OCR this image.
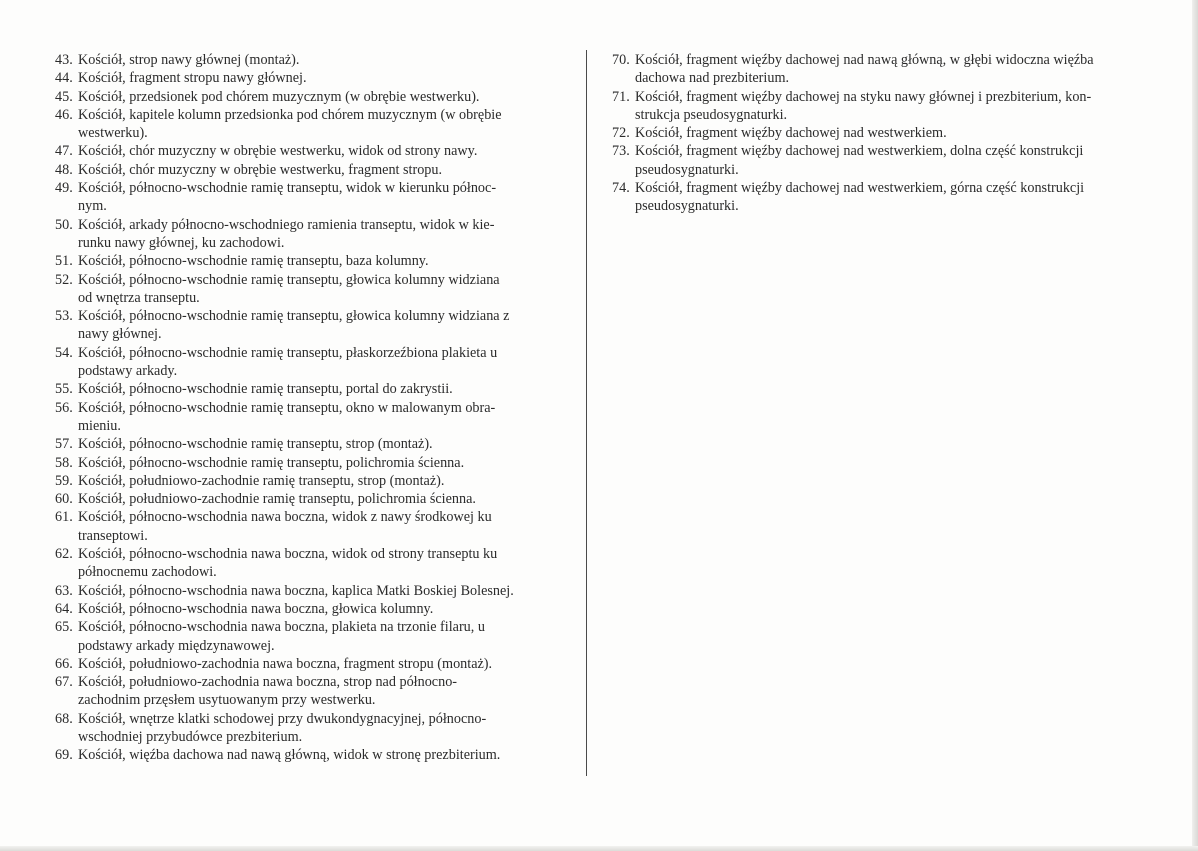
43. Kościół, strop nawy głównej (montaż).
44. Kościół, fragment stropu nawy głównej.
45. Kościół, przedsionek pod chórem muzycznym (w obrębie westwerku).
46. Kościół, kapitele kolumn przedsionka pod chórem muzycznym (w obrębie
westwerku).
47. Kościół, chór muzyczny w obrębie westwerku, widok od strony nawy.
48. Kościół, chór muzyczny w obrębie westwerku, fragment stropu.
49. Kościół, północno-wschodnie ramię transeptu, widok w kierunku północ-
nym.
50. Kościół, arkady północno-wschodniego ramienia transeptu, widok w kie-
runku nawy głównej, ku zachodowi.
51. Kościół, północno-wschodnie ramię transeptu, baza kolumny.
52. Kościół, północno-wschodnie ramię transeptu, głowica kolumny widziana
od wnętrza transeptu.
53. Kościół, północno-wschodnie ramię transeptu, głowica kolumny widziana z
nawy głównej.
54. Kościół, północno-wschodnie ramię transeptu, płaskorzeźbiona plakieta u
podstawy arkady.
55. Kościół, północno-wschodnie ramię transeptu, portal do zakrystii.
56. Kościół, północno-wschodnie ramię transeptu, okno w malowanym obra-
mieniu.
57. Kościół, północno-wschodnie ramię transeptu, strop (montaż).
58. Kościół, północno-wschodnie ramię transeptu, polichromia ścienna.
59. Kościół, południowo-zachodnie ramię transeptu, strop (montaż).
60. Kościół, południowo-zachodnie ramię transeptu, polichromia ścienna.
61. Kościół, północno-wschodnia nawa boczna, widok z nawy środkowej ku
transeptowi.
62. Kościół, północno-wschodnia nawa boczna, widok od strony transeptu ku
północnemu zachodowi.
63. Kościół, północno-wschodnia nawa boczna, kaplica Matki Boskiej Bolesnej.
64. Kościół, północno-wschodnia nawa boczna, głowica kolumny.
65. Kościół, północno-wschodnia nawa boczna, plakieta na trzonie filaru, u
podstawy arkady międzynawowej.
66. Kościół, południowo-zachodnia nawa boczna, fragment stropu (montaż).
67. Kościół, południowo-zachodnia nawa boczna, strop nad północno-
zachodnim przęsłem usytuowanym przy westwerku.
68. Kościół, wnętrze klatki schodowej przy dwukondygnacyjnej, północno-
wschodniej przybudówce prezbiterium.
69. Kościół, więźba dachowa nad nawą główną, widok w stronę prezbiterium.
70. Kościół, fragment więźby dachowej nad nawą główną, w głębi widoczna więźba
dachowa nad prezbiterium.
71. Kościół, fragment więźby dachowej na styku nawy głównej i prezbiterium, kon-
strukcja pseudosygnaturki.
72. Kościół, fragment więźby dachowej nad westwerkiem.
73. Kościół, fragment więźby dachowej nad westwerkiem, dolna część konstrukcji
pseudosygnaturki.
74. Kościół, fragment więźby dachowej nad westwerkiem, górna część konstrukcji
pseudosygnaturki.
